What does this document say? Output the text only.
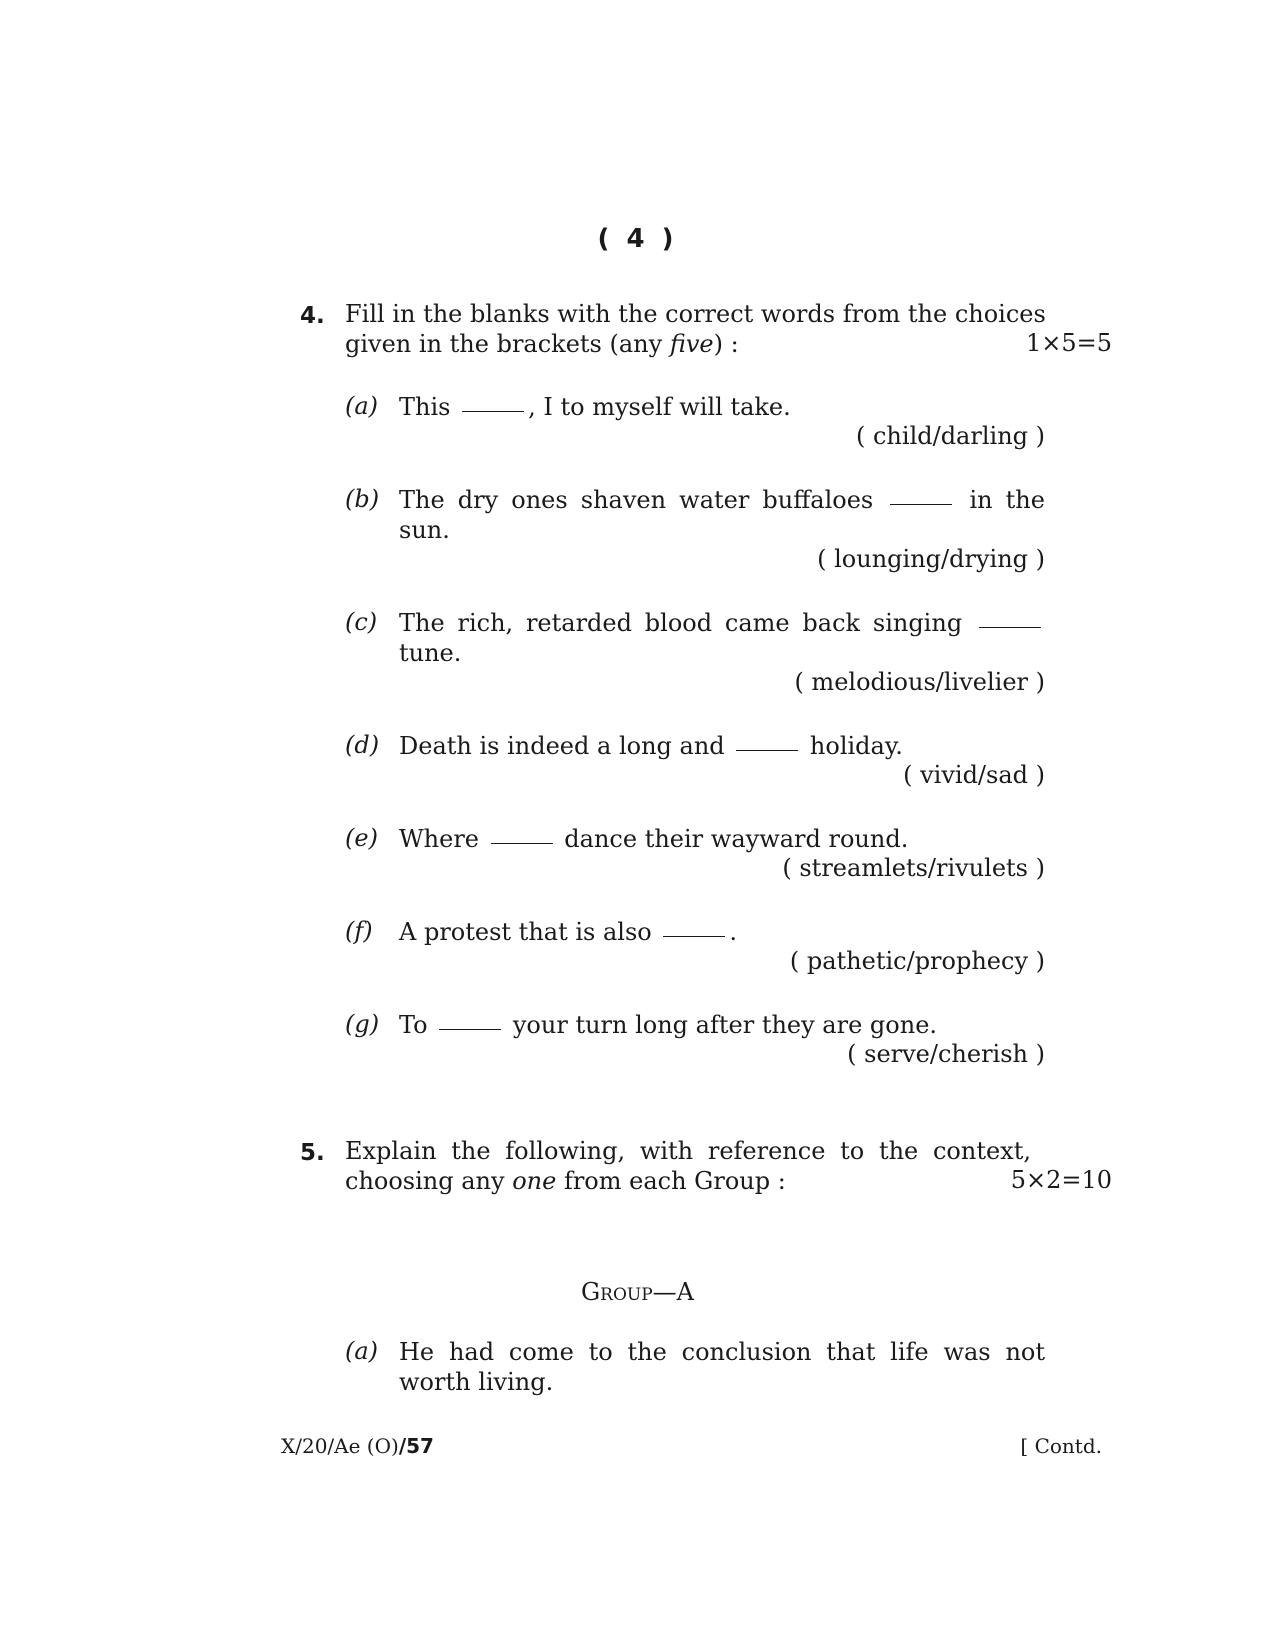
( 4 )
4. Fill in the blanks with the correct words from the choices
given in the brackets (any five) :	1×5=5
(a) This	, I to myself will take.
( child/darling )
(b) The dry ones shaven water buffaloes	in the
sun.
( lounging/drying )
(c) The rich, retarded blood came back singing
tune.
( melodious/livelier )
(d) Death is indeed a long and	holiday.
( vivid/sad )
(e) Where	dance their wayward round.
( streamlets/rivulets )
(f) A protest that is also	.
( pathetic/prophecy )
(g) To	your turn long after they are gone.
( serve/cherish )
5. Explain the following, with reference to the context,
choosing any one from each Group :	5×2=10
Group—A
(a) He had come to the conclusion that life was not
worth living.
X/20/Ae (O)/57	[ Contd.
